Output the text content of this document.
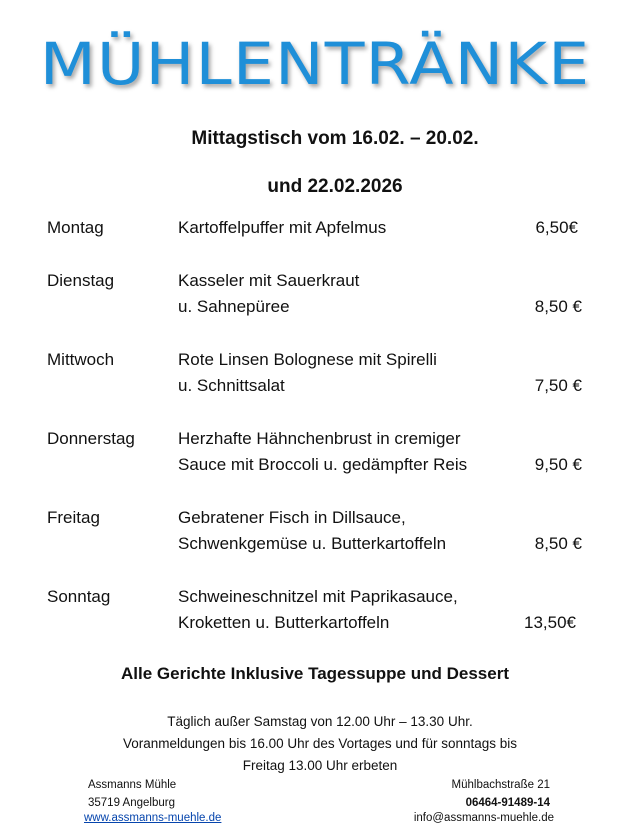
MÜHLENTRÄNKE
Mittagstisch vom 16.02. – 20.02.
und 22.02.2026
Montag	Kartoffelpuffer mit Apfelmus	6,50€
Dienstag	Kasseler mit Sauerkraut
u. Sahnepüree	8,50 €
Mittwoch	Rote Linsen Bolognese mit Spirelli
u. Schnittsalat	7,50 €
Donnerstag	Herzhafte Hähnchenbrust in cremiger
Sauce mit Broccoli u. gedämpfter Reis	9,50 €
Freitag	Gebratener Fisch in Dillsauce,
Schwenkgemüse u. Butterkartoffeln	8,50 €
Sonntag	Schweineschnitzel mit Paprikasauce,
Kroketten u. Butterkartoffeln	13,50€
Alle Gerichte Inklusive Tagessuppe und Dessert
Täglich außer Samstag von 12.00 Uhr – 13.30 Uhr.
Voranmeldungen bis 16.00 Uhr des Vortages und für sonntags bis
Freitag 13.00 Uhr erbeten
Assmanns Mühle
35719 Angelburg
www.assmanns-muehle.de
Mühlbachstraße 21
06464-91489-14
info@assmanns-muehle.de
